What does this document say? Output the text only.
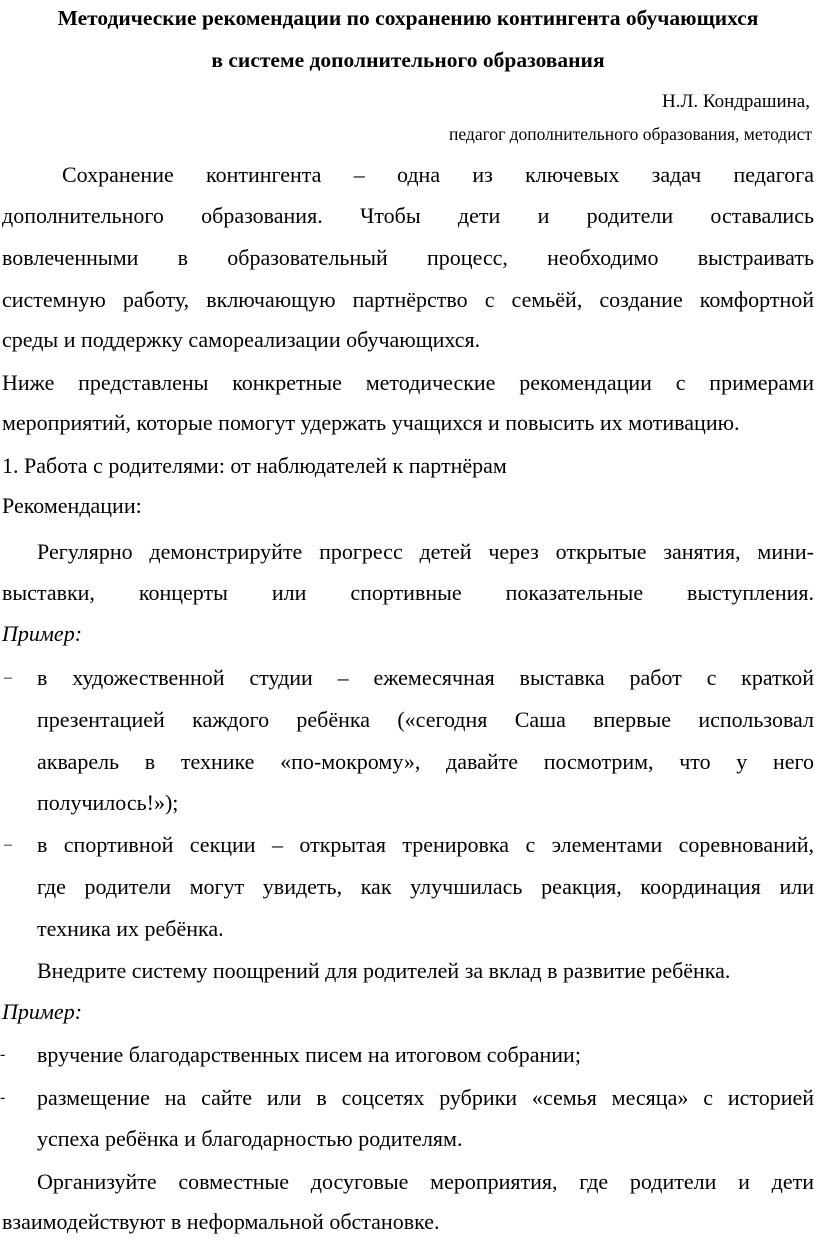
Методические рекомендации по сохранению контингента обучающихся
в системе дополнительного образования
Н.Л. Кондрашина,
педагог дополнительного образования, методист
Сохранение контингента – одна из ключевых задач педагога
дополнительного образования. Чтобы дети и родители оставались
вовлеченными в образовательный процесс, необходимо выстраивать
системную работу, включающую партнёрство с семьёй, создание комфортной
среды и поддержку самореализации обучающихся.
Ниже представлены конкретные методические рекомендации с примерами
мероприятий, которые помогут удержать учащихся и повысить их мотивацию.
1. Работа с родителями: от наблюдателей к партнёрам
Рекомендации:
Регулярно демонстрируйте прогресс детей через открытые занятия, мини-
выставки, концерты или спортивные показательные выступления.
Пример:
–	в художественной студии – ежемесячная выставка работ с краткой
презентацией каждого ребёнка («сегодня Саша впервые использовал
акварель в технике «по-мокрому», давайте посмотрим, что у него
получилось!»);
–	в спортивной секции – открытая тренировка с элементами соревнований,
где родители могут увидеть, как улучшилась реакция, координация или
техника их ребёнка.
Внедрите систему поощрений для родителей за вклад в развитие ребёнка.
Пример:
-	вручение благодарственных писем на итоговом собрании;
-	размещение на сайте или в соцсетях рубрики «семья месяца» с историей
успеха ребёнка и благодарностью родителям.
Организуйте совместные досуговые мероприятия, где родители и дети
взаимодействуют в неформальной обстановке.
